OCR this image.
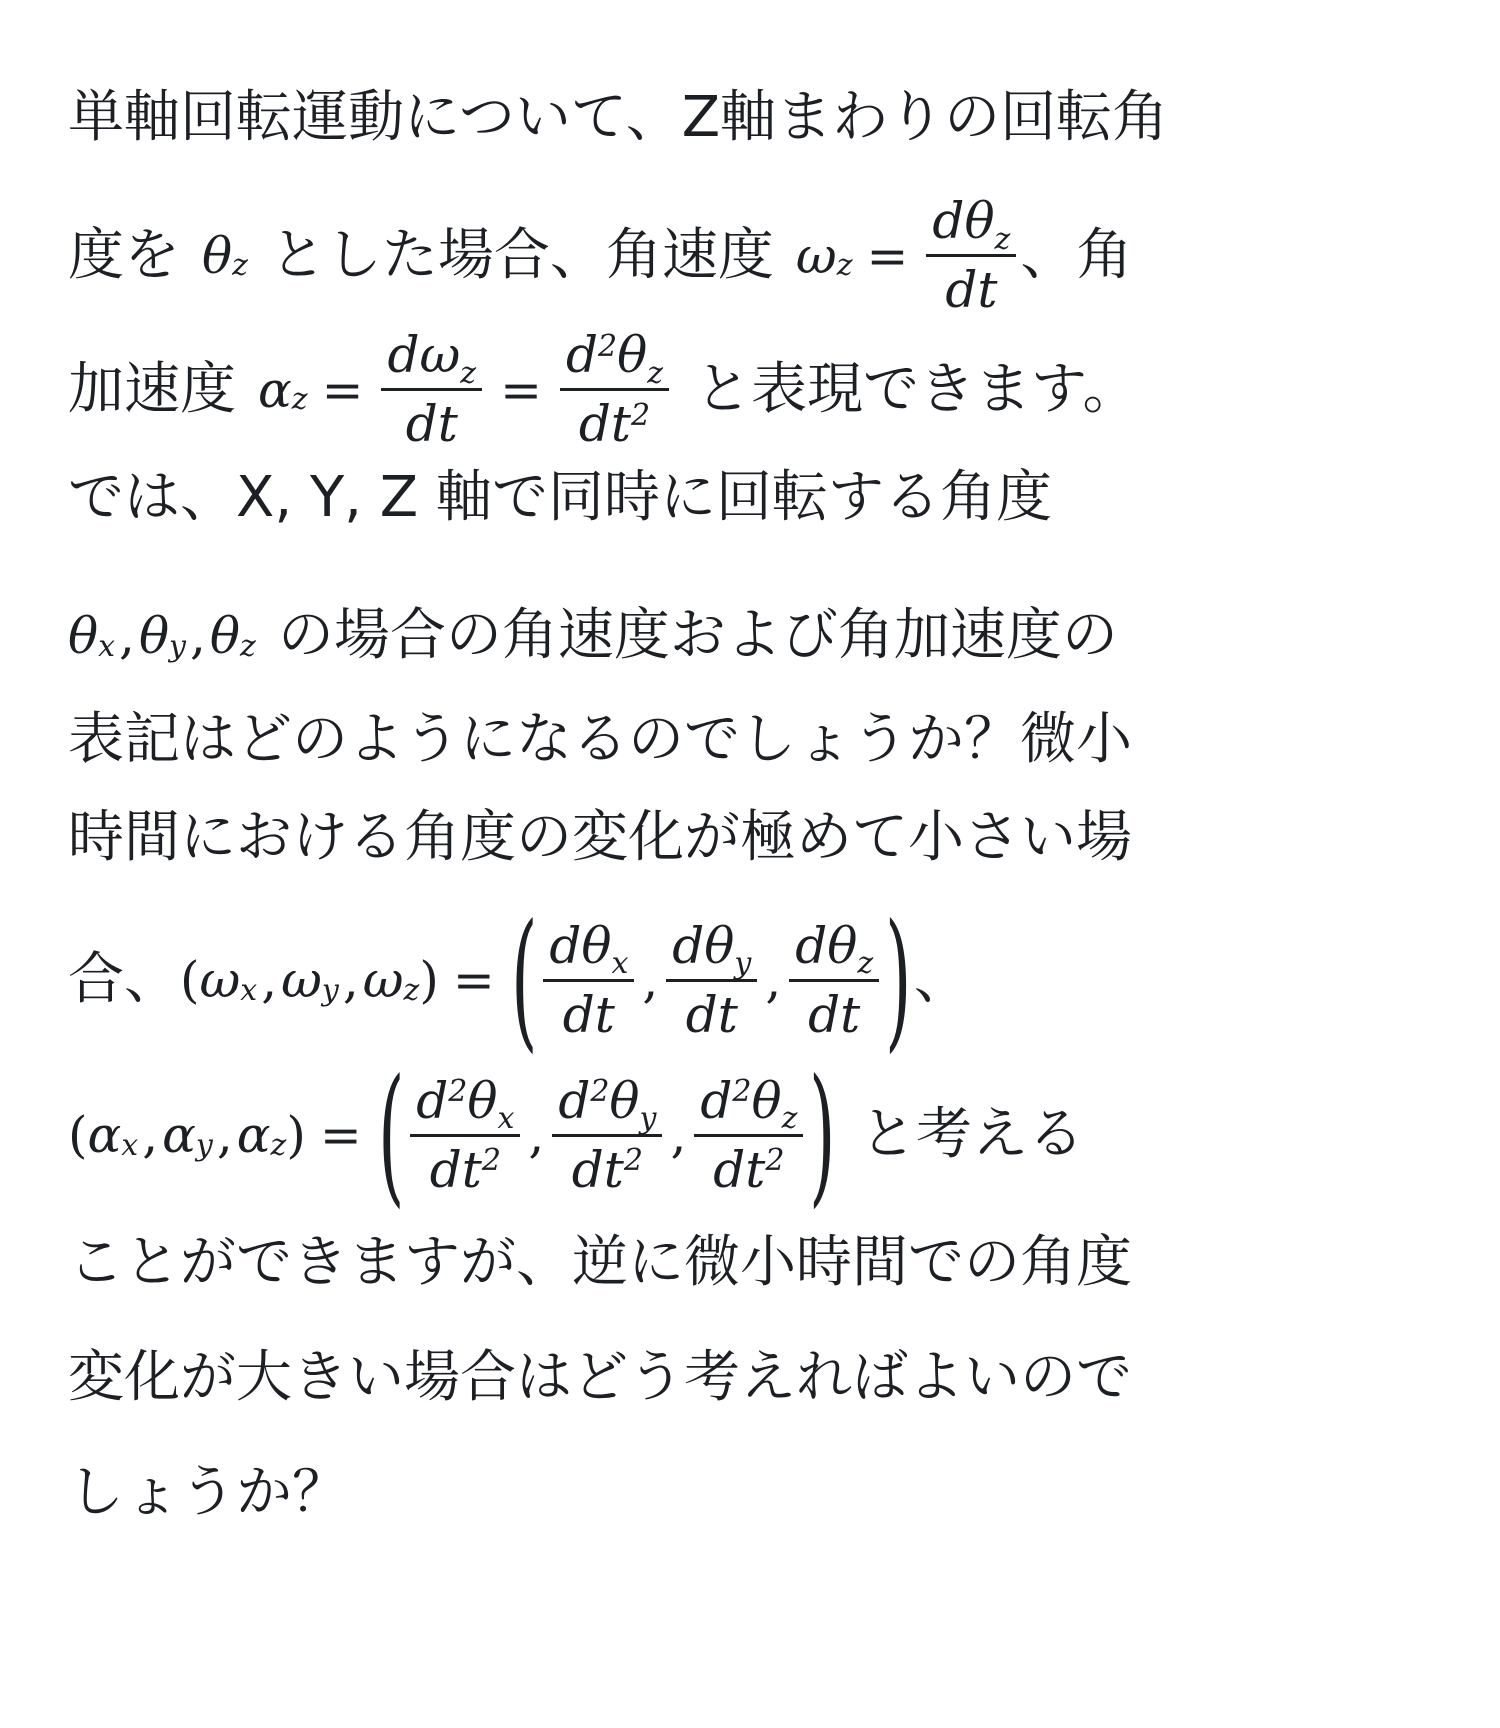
単軸回転運動について、Z軸まわりの回転角
度を θ z とした場合、角速度 ω $z = \frac{d\theta_z}{dt}$ 、角
加速度 α $z = \frac{d\omega_z}{dt} = \frac{d^2\theta_z}{dt^2}$ と表現できます。
では、X, Y, Z 軸で同時に回転する角度
θ x , θ y , θ z の場合の角速度および角加速度の
表記はどのようになるのでしょうか？微小
時間における角度の変化が極めて小さい場
合、 ( ω x , ω y , ω z ) = ( $\frac{d\theta_x}{dt}$ , $\frac{d\theta_y}{dt}$ , $\frac{d\theta_z}{dt}$ ) 、
( α x , α y , α z ) = ( $\frac{d^2\theta_x}{dt^2}$ , $\frac{d^2\theta_y}{dt^2}$ , $\frac{d^2\theta_z}{dt^2}$ ) と考える
ことができますが、逆に微小時間での角度
変化が大きい場合はどう考えればよいので
しょうか？
